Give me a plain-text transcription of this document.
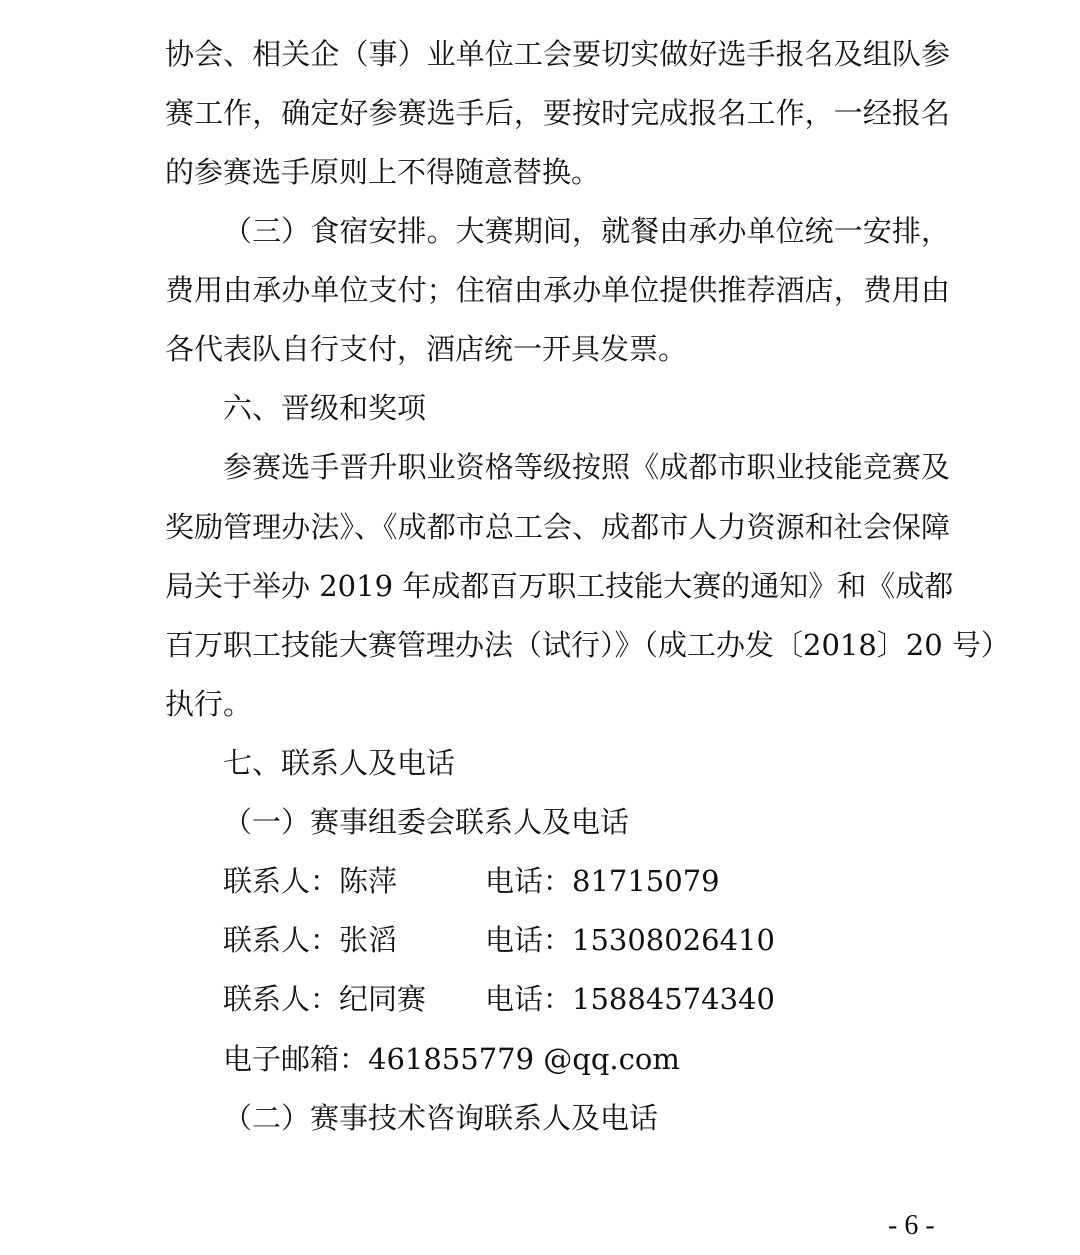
协会、相关企（事）业单位工会要切实做好选手报名及组队参
赛工作，确定好参赛选手后，要按时完成报名工作，一经报名
的参赛选手原则上不得随意替换。
（三）食宿安排。大赛期间，就餐由承办单位统一安排，
费用由承办单位支付；住宿由承办单位提供推荐酒店，费用由
各代表队自行支付，酒店统一开具发票。
六、晋级和奖项
参赛选手晋升职业资格等级按照《成都市职业技能竞赛及
奖励管理办法》、《成都市总工会、成都市人力资源和社会保障
局关于举办 2019 年成都百万职工技能大赛的通知》和《成都
百万职工技能大赛管理办法（试行）》（成工办发〔2018〕20 号）
执行。
七、联系人及电话
（一）赛事组委会联系人及电话
联系人：陈萍	电话：81715079
联系人：张滔	电话：15308026410
联系人：纪同赛 电话：15884574340
电子邮箱：461855779 @qq.com
（二）赛事技术咨询联系人及电话
- 6 -
